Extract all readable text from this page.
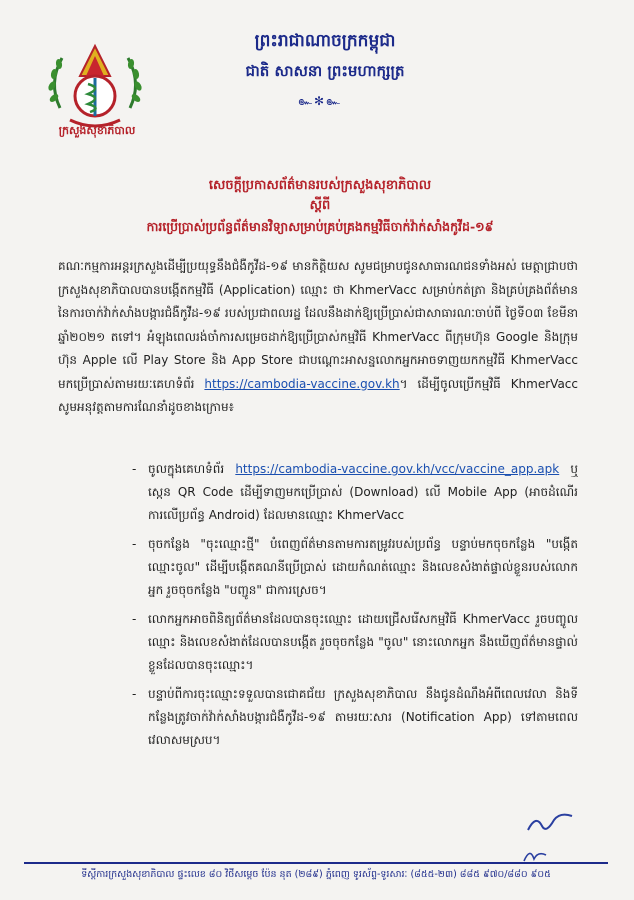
ក្រសួងសុខាភិបាល
ព្រះរាជាណាចក្រកម្ពុជា
ជាតិ សាសនា ព្រះមហាក្សត្រ
๛✻๛
សេចក្តីប្រកាសព័ត៌មានរបស់ក្រសួងសុខាភិបាល
ស្តីពី
ការប្រើប្រាស់ប្រព័ន្ធព័ត៌មានវិទ្យាសម្រាប់គ្រប់គ្រងកម្មវិធីចាក់វ៉ាក់សាំងកូវីដ-១៩
គណៈកម្មការអន្តរក្រសួងដើម្បីប្រយុទ្ធនឹងជំងឺកូវីដ-១៩ មានកិត្តិយស សូមជម្រាបជូនសាធារណជនទាំងអស់ មេត្តាជ្រាបថា ក្រសួងសុខាភិបាលបានបង្កើតកម្មវិធី (Application) ឈ្មោះ ថា KhmerVacc សម្រាប់កត់ត្រា និងគ្រប់គ្រងព័ត៌មាននៃការចាក់វ៉ាក់សាំងបង្ការជំងឺកូវីដ-១៩ របស់ប្រជាពលរដ្ឋ ដែលនឹងដាក់ឱ្យប្រើប្រាស់ជាសាធារណៈចាប់ពី ថ្ងៃទី០៣ ខែមីនា ឆ្នាំ២០២១ តទៅ។ អំឡុងពេលរង់ចាំការសម្រេចដាក់ឱ្យប្រើប្រាស់កម្មវិធី KhmerVacc ពីក្រុមហ៊ុន Google និងក្រុមហ៊ុន Apple លើ Play Store និង App Store ជាបណ្តោះអាសន្នលោកអ្នកអាចទាញយកកម្មវិធី KhmerVacc មកប្រើប្រាស់តាមរយៈគេហទំព័រ https://cambodia-vaccine.gov.kh។ ដើម្បីចូលប្រើកម្មវិធី KhmerVacc សូមអនុវត្តតាមការណែនាំដូចខាងក្រោម៖
- ចូលក្នុងគេហទំព័រ https://cambodia-vaccine.gov.kh/vcc/vaccine_app.apk ឬស្កេន QR Code ដើម្បីទាញមកប្រើប្រាស់ (Download) លើ Mobile App (អាចដំណើរការលើប្រព័ន្ធ Android) ដែលមានឈ្មោះ KhmerVacc
- ចុចកន្លែង "ចុះឈ្មោះថ្មី" បំពេញព័ត៌មានតាមការតម្រូវរបស់ប្រព័ន្ធ បន្ទាប់មកចុចកន្លែង "បង្កើតឈ្មោះចូល" ដើម្បីបង្កើតគណនីប្រើប្រាស់ ដោយកំណត់ឈ្មោះ និងលេខសំងាត់ផ្ទាល់ខ្លួនរបស់លោកអ្នក រួចចុចកន្លែង "បញ្ជូន" ជាការស្រេច។
- លោកអ្នកអាចពិនិត្យព័ត៌មានដែលបានចុះឈ្មោះ ដោយជ្រើសរើសកម្មវិធី KhmerVacc រួចបញ្ចូលឈ្មោះ និងលេខសំងាត់ដែលបានបង្កើត រួចចុចកន្លែង "ចូល" នោះលោកអ្នក នឹងឃើញព័ត៌មានផ្ទាល់ខ្លួនដែលបានចុះឈ្មោះ។
- បន្ទាប់ពីការចុះឈ្មោះទទួលបានជោគជ័យ ក្រសួងសុខាភិបាល នឹងជូនដំណឹងអំពីពេលវេលា និងទីកន្លែងត្រូវចាក់វ៉ាក់សាំងបង្ការជំងឺកូវីដ-១៩ តាមរយៈសារ (Notification App) ទៅតាមពេលវេលាសមស្រប។
ទីស្តីការក្រសួងសុខាភិបាល ផ្ទះលេខ ៨០ វិថីសម្តេច ប៉ែន នុត (២៨៩) ភ្នំពេញ ទូរស័ព្ទ-ទូរសារៈ (៨៥៥-២៣) ៨៨៥ ៩៧០/៨៨០ ៩០៥
